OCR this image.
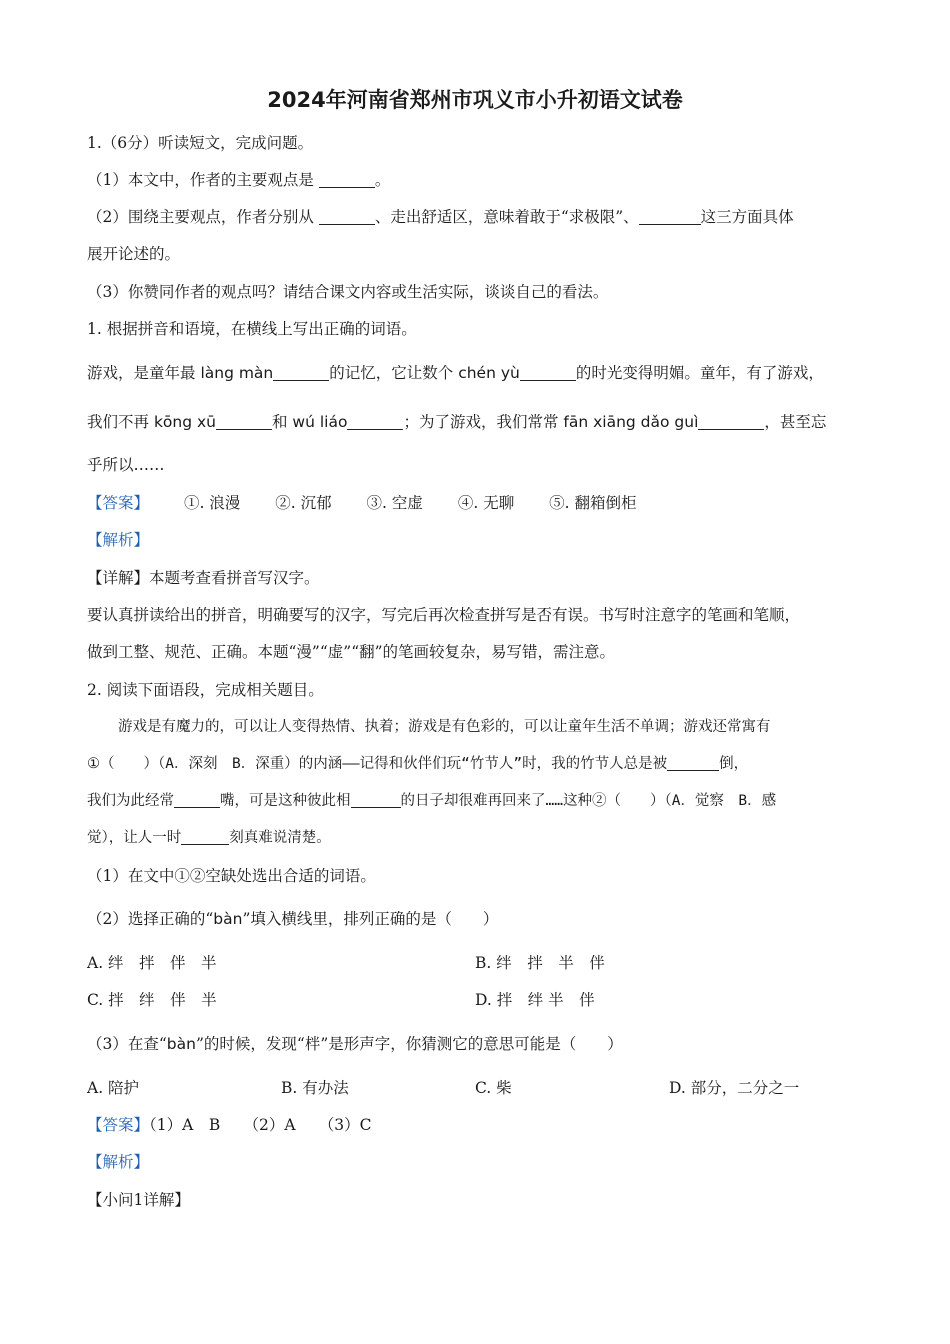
2024年河南省郑州市巩义市小升初语文试卷
1.（6分）听读短文，完成问题。
（1）本文中，作者的主要观点是	。
（2）围绕主要观点，作者分别从	、走出舒适区，意味着敢于“求极限”、	这三方面具体
展开论述的。
（3）你赞同作者的观点吗？请结合课文内容或生活实际，谈谈自己的看法。
1. 根据拼音和语境，在横线上写出正确的词语。
游戏，是童年最 làng màn	的记忆，它让数个 chén yù	的时光变得明媚。童年，有了游戏，
我们不再 kōng xū	和 wú liáo	；为了游戏，我们常常 fān xiāng dǎo guì	，甚至忘
乎所以……
【答案】 ①. 浪漫 ②. 沉郁 ③. 空虚 ④. 无聊 ⑤. 翻箱倒柜
【解析】
【详解】本题考查看拼音写汉字。
要认真拼读给出的拼音，明确要写的汉字，写完后再次检查拼写是否有误。书写时注意字的笔画和笔顺，
做到工整、规范、正确。本题“漫”“虚”“翻”的笔画较复杂，易写错，需注意。
2. 阅读下面语段，完成相关题目。
游戏是有魔力的，可以让人变得热情、执着；游戏是有色彩的，可以让童年生活不单调；游戏还常寓有
①（　　）（A．深刻　B．深重）的内涵——记得和伙伴们玩“竹节人”时，我的竹节人总是被	倒，
我们为此经常	嘴，可是这种彼此相	的日子却很难再回来了……这种②（　　）（A．觉察　B．感
觉），让人一时	刻真难说清楚。
（1）在文中①②空缺处选出合适的词语。
（2）选择正确的“bàn”填入横线里，排列正确的是（　　）
A. 绊　拌　伴　半	B. 绊　拌　半　伴
C. 拌　绊　伴　半	D. 拌　绊 半　伴
（3）在查“bàn”的时候，发现“柈”是形声字，你猜测它的意思可能是（　　）
A. 陪护	B. 有办法	C. 柴	D. 部分，二分之一
【答案】（1）A　B　　（2）A　　（3）C
【解析】
【小问1详解】
